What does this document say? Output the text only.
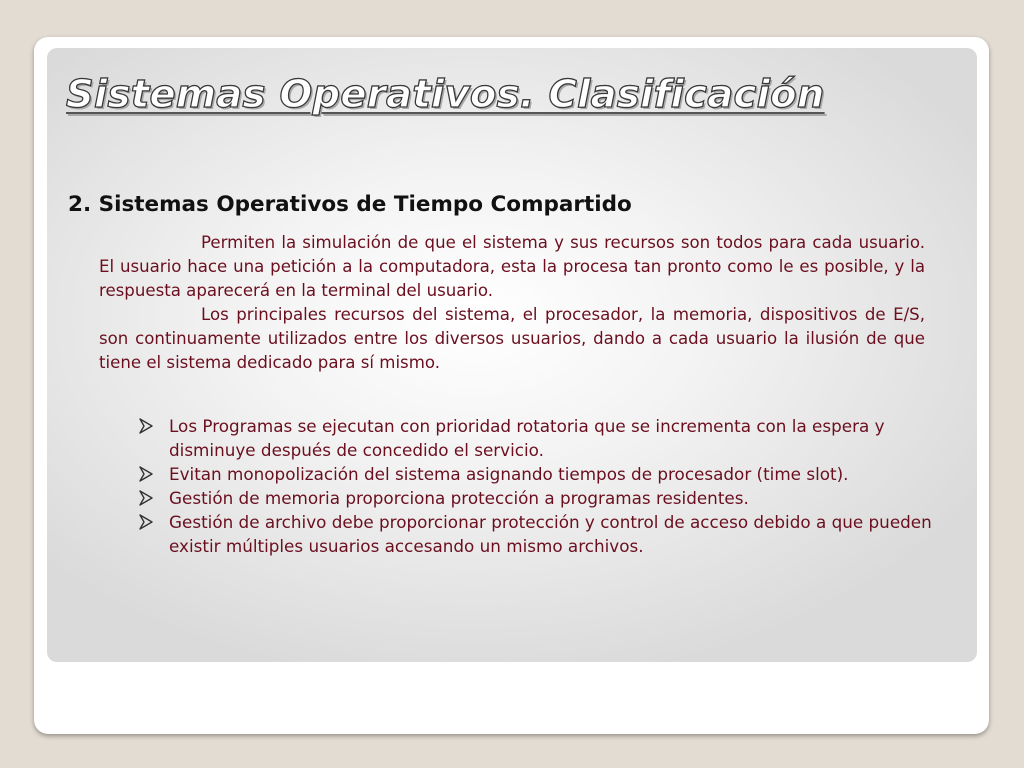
Sistemas Operativos. Clasificación
2. Sistemas Operativos de Tiempo Compartido

Permiten la simulación de que el sistema y sus recursos son todos para cada usuario. El usuario hace una petición a la computadora, esta la procesa tan pronto como le es posible, y la respuesta aparecerá en la terminal del usuario.

Los principales recursos del sistema, el procesador, la memoria, dispositivos de E/S, son continuamente utilizados entre los diversos usuarios, dando a cada usuario la ilusión de que tiene el sistema dedicado para sí mismo.

Los Programas se ejecutan con prioridad rotatoria que se incrementa con la espera y disminuye después de concedido el servicio.
Evitan monopolización del sistema asignando tiempos de procesador (time slot).
Gestión de memoria proporciona protección a programas residentes.
Gestión de archivo debe proporcionar protección y control de acceso debido a que pueden existir múltiples usuarios accesando un mismo archivos.
